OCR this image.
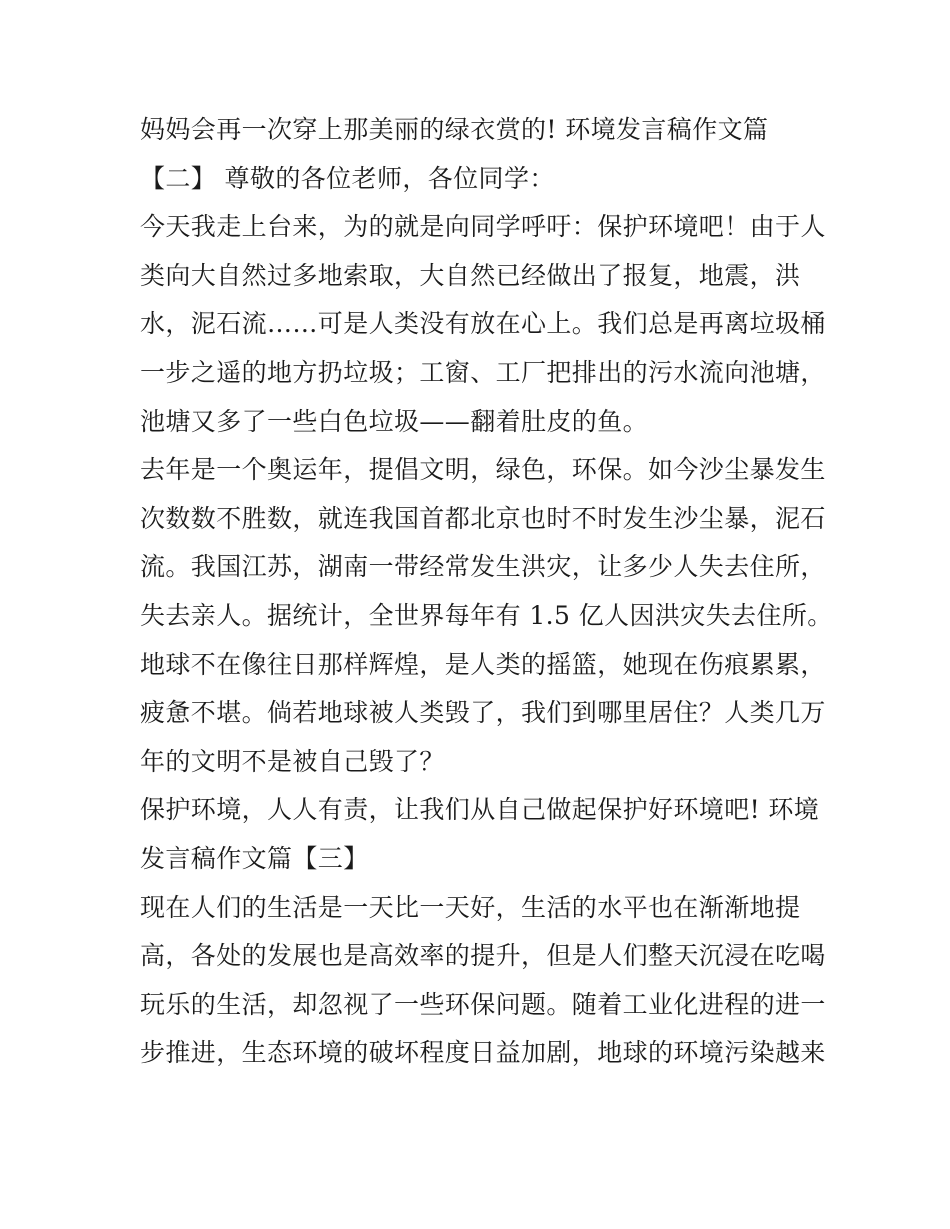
妈妈会再一次穿上那美丽的绿衣赏的! 环境发言稿作文篇
【二】 尊敬的各位老师，各位同学：
今天我走上台来，为的就是向同学呼吁：保护环境吧！由于人
类向大自然过多地索取，大自然已经做出了报复，地震，洪
水，泥石流……可是人类没有放在心上。我们总是再离垃圾桶
一步之遥的地方扔垃圾；工窗、工厂把排出的污水流向池塘，
池塘又多了一些白色垃圾——翻着肚皮的鱼。
去年是一个奥运年，提倡文明，绿色，环保。如今沙尘暴发生
次数数不胜数，就连我国首都北京也时不时发生沙尘暴，泥石
流。我国江苏，湖南一带经常发生洪灾，让多少人失去住所，
失去亲人。据统计，全世界每年有 1.5 亿人因洪灾失去住所。
地球不在像往日那样辉煌，是人类的摇篮，她现在伤痕累累，
疲惫不堪。倘若地球被人类毁了，我们到哪里居住？人类几万
年的文明不是被自己毁了？
保护环境，人人有责，让我们从自己做起保护好环境吧! 环境
发言稿作文篇【三】
现在人们的生活是一天比一天好，生活的水平也在渐渐地提
高，各处的发展也是高效率的提升，但是人们整天沉浸在吃喝
玩乐的生活，却忽视了一些环保问题。随着工业化进程的进一
步推进，生态环境的破坏程度日益加剧，地球的环境污染越来
